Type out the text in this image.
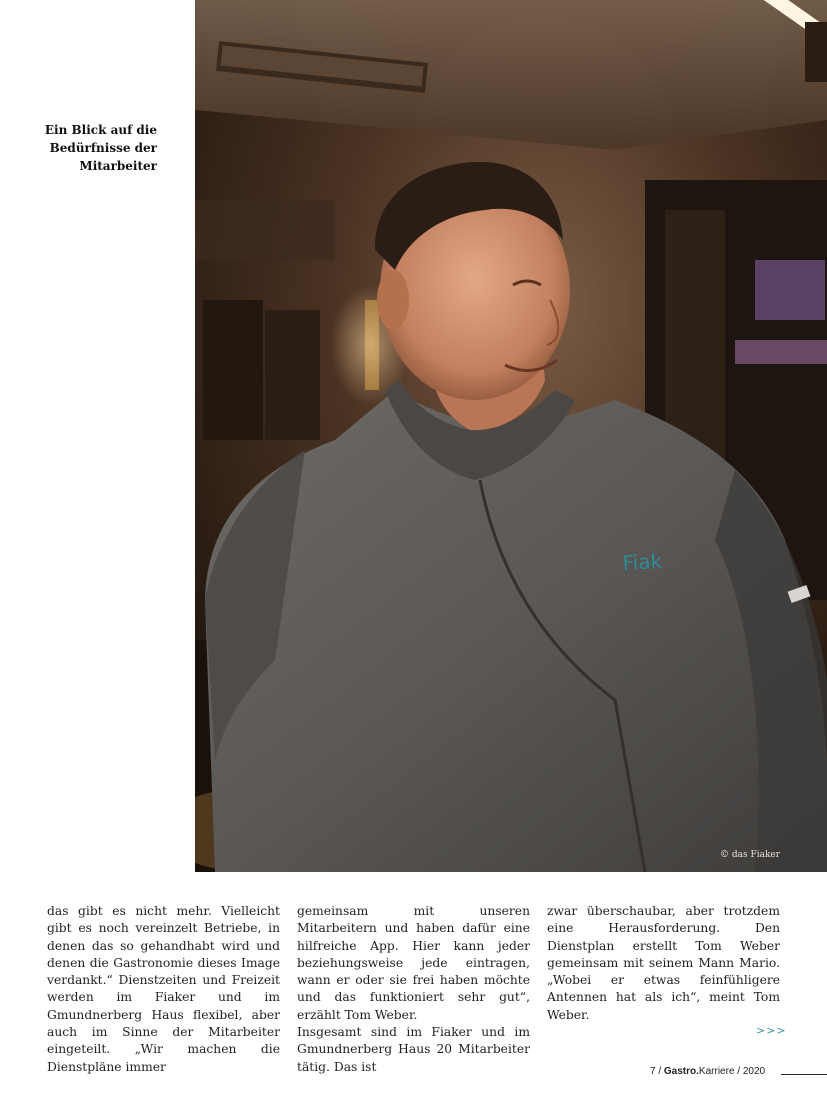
Ein Blick auf die
Bedürfnisse der
Mitarbeiter
Fiak
© das Fiaker

das gibt es nicht mehr. Vielleicht gibt es noch vereinzelt Betriebe, in denen das so gehandhabt wird und denen die Gastronomie dieses Image verdankt.“ Dienstzeiten und Freizeit werden im Fiaker und im Gmundnerberg Haus flexibel, aber auch im Sinne der Mitarbeiter eingeteilt. „Wir machen die Dienstpläne immer

gemeinsam mit unseren Mitarbeitern und haben dafür eine hilfreiche App. Hier kann jeder beziehungsweise jede eintragen, wann er oder sie frei haben möchte und das funktioniert sehr gut“, erzählt Tom Weber.

Insgesamt sind im Fiaker und im Gmundnerberg Haus 20 Mitarbeiter tätig. Das ist

zwar überschaubar, aber trotzdem eine Herausforderung. Den Dienstplan erstellt Tom Weber gemeinsam mit seinem Mann Mario. „Wobei er etwas feinfühligere Antennen hat als ich“, meint Tom Weber.

>>>
7 / Gastro.Karriere / 2020
